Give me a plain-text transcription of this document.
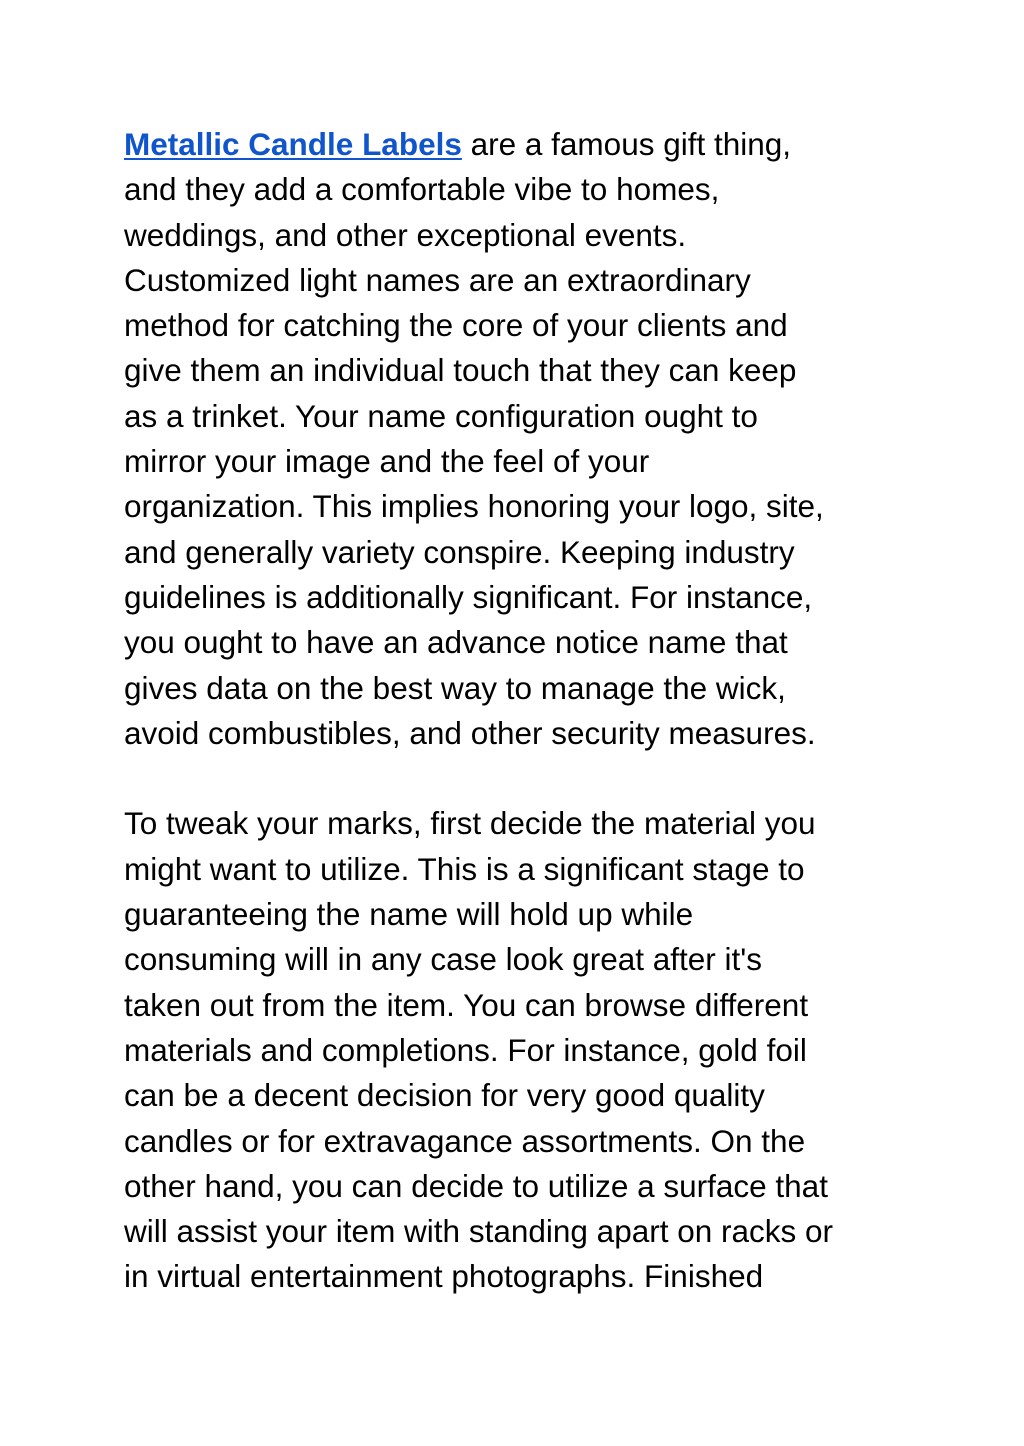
Metallic Candle Labels are a famous gift thing,
and they add a comfortable vibe to homes,
weddings, and other exceptional events.
Customized light names are an extraordinary
method for catching the core of your clients and
give them an individual touch that they can keep
as a trinket. Your name configuration ought to
mirror your image and the feel of your
organization. This implies honoring your logo, site,
and generally variety conspire. Keeping industry
guidelines is additionally significant. For instance,
you ought to have an advance notice name that
gives data on the best way to manage the wick,
avoid combustibles, and other security measures.
To tweak your marks, first decide the material you
might want to utilize. This is a significant stage to
guaranteeing the name will hold up while
consuming will in any case look great after it's
taken out from the item. You can browse different
materials and completions. For instance, gold foil
can be a decent decision for very good quality
candles or for extravagance assortments. On the
other hand, you can decide to utilize a surface that
will assist your item with standing apart on racks or
in virtual entertainment photographs. Finished
